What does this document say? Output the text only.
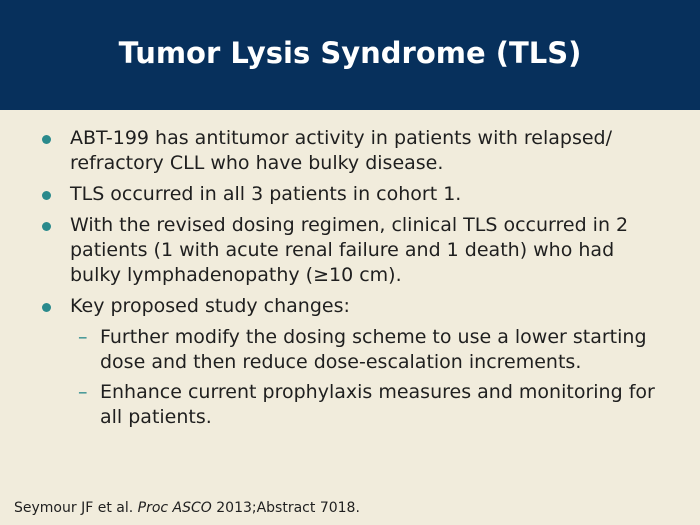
Tumor Lysis Syndrome (TLS)
ABT-199 has antitumor activity in patients with relapsed/ refractory CLL who have bulky disease.
TLS occurred in all 3 patients in cohort 1.
With the revised dosing regimen, clinical TLS occurred in 2 patients (1 with acute renal failure and 1 death) who had bulky lymphadenopathy (≥10 cm).
Key proposed study changes:
– Further modify the dosing scheme to use a lower starting dose and then reduce dose-escalation increments.
– Enhance current prophylaxis measures and monitoring for all patients.
Seymour JF et al. Proc ASCO 2013;Abstract 7018.
